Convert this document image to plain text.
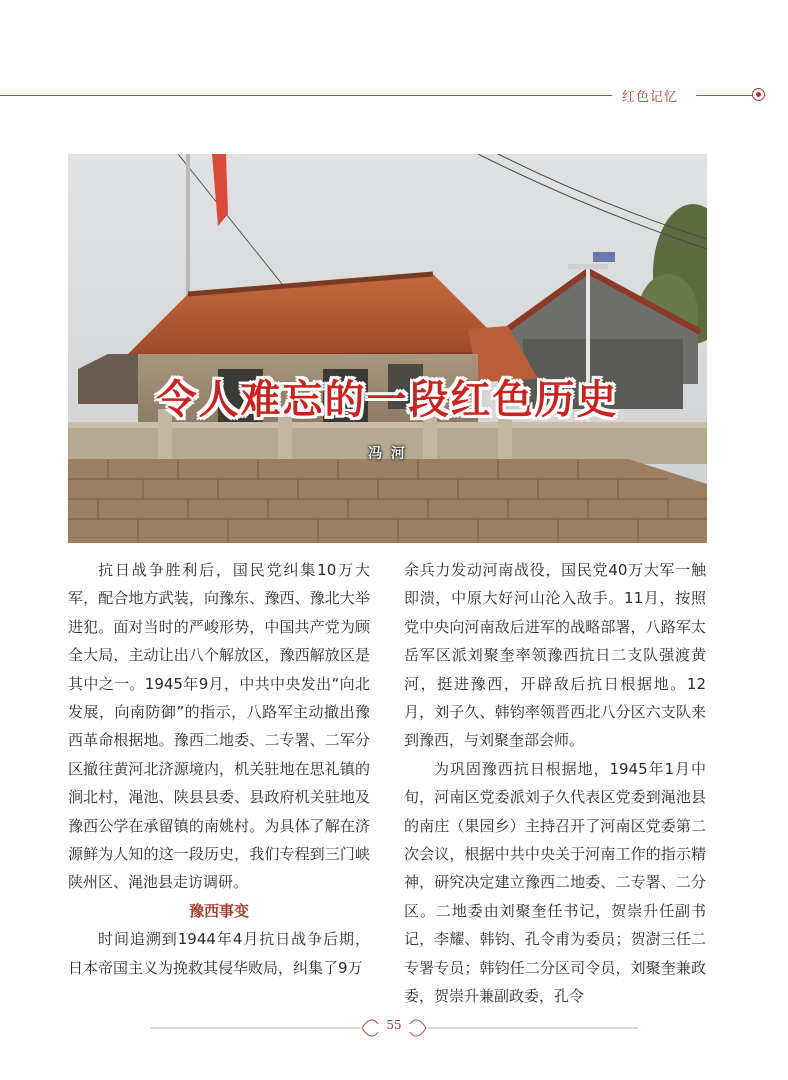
红色记忆
令人难忘的一段红色历史
冯 河

抗日战争胜利后，国民党纠集10万大军，配合地方武装，向豫东、豫西、豫北大举进犯。面对当时的严峻形势，中国共产党为顾全大局，主动让出八个解放区，豫西解放区是其中之一。1945年9月，中共中央发出“向北发展，向南防御”的指示，八路军主动撤出豫西革命根据地。豫西二地委、二专署、二军分区撤往黄河北济源境内，机关驻地在思礼镇的涧北村，渑池、陕县县委、县政府机关驻地及豫西公学在承留镇的南姚村。为具体了解在济源鲜为人知的这一段历史，我们专程到三门峡陕州区、渑池县走访调研。

豫西事变

时间追溯到1944年4月抗日战争后期，日本帝国主义为挽救其侵华败局，纠集了9万

余兵力发动河南战役，国民党40万大军一触即溃，中原大好河山沦入敌手。11月，按照党中央向河南敌后进军的战略部署，八路军太岳军区派刘聚奎率领豫西抗日二支队强渡黄河，挺进豫西，开辟敌后抗日根据地。12月，刘子久、韩钧率领晋西北八分区六支队来到豫西，与刘聚奎部会师。

为巩固豫西抗日根据地，1945年1月中旬，河南区党委派刘子久代表区党委到渑池县的南庄（果园乡）主持召开了河南区党委第二次会议，根据中共中央关于河南工作的指示精神，研究决定建立豫西二地委、二专署、二分区。二地委由刘聚奎任书记，贺崇升任副书记，李耀、韩钧、孔令甫为委员；贺澍三任二专署专员；韩钧任二分区司令员，刘聚奎兼政委，贺崇升兼副政委，孔令

55
